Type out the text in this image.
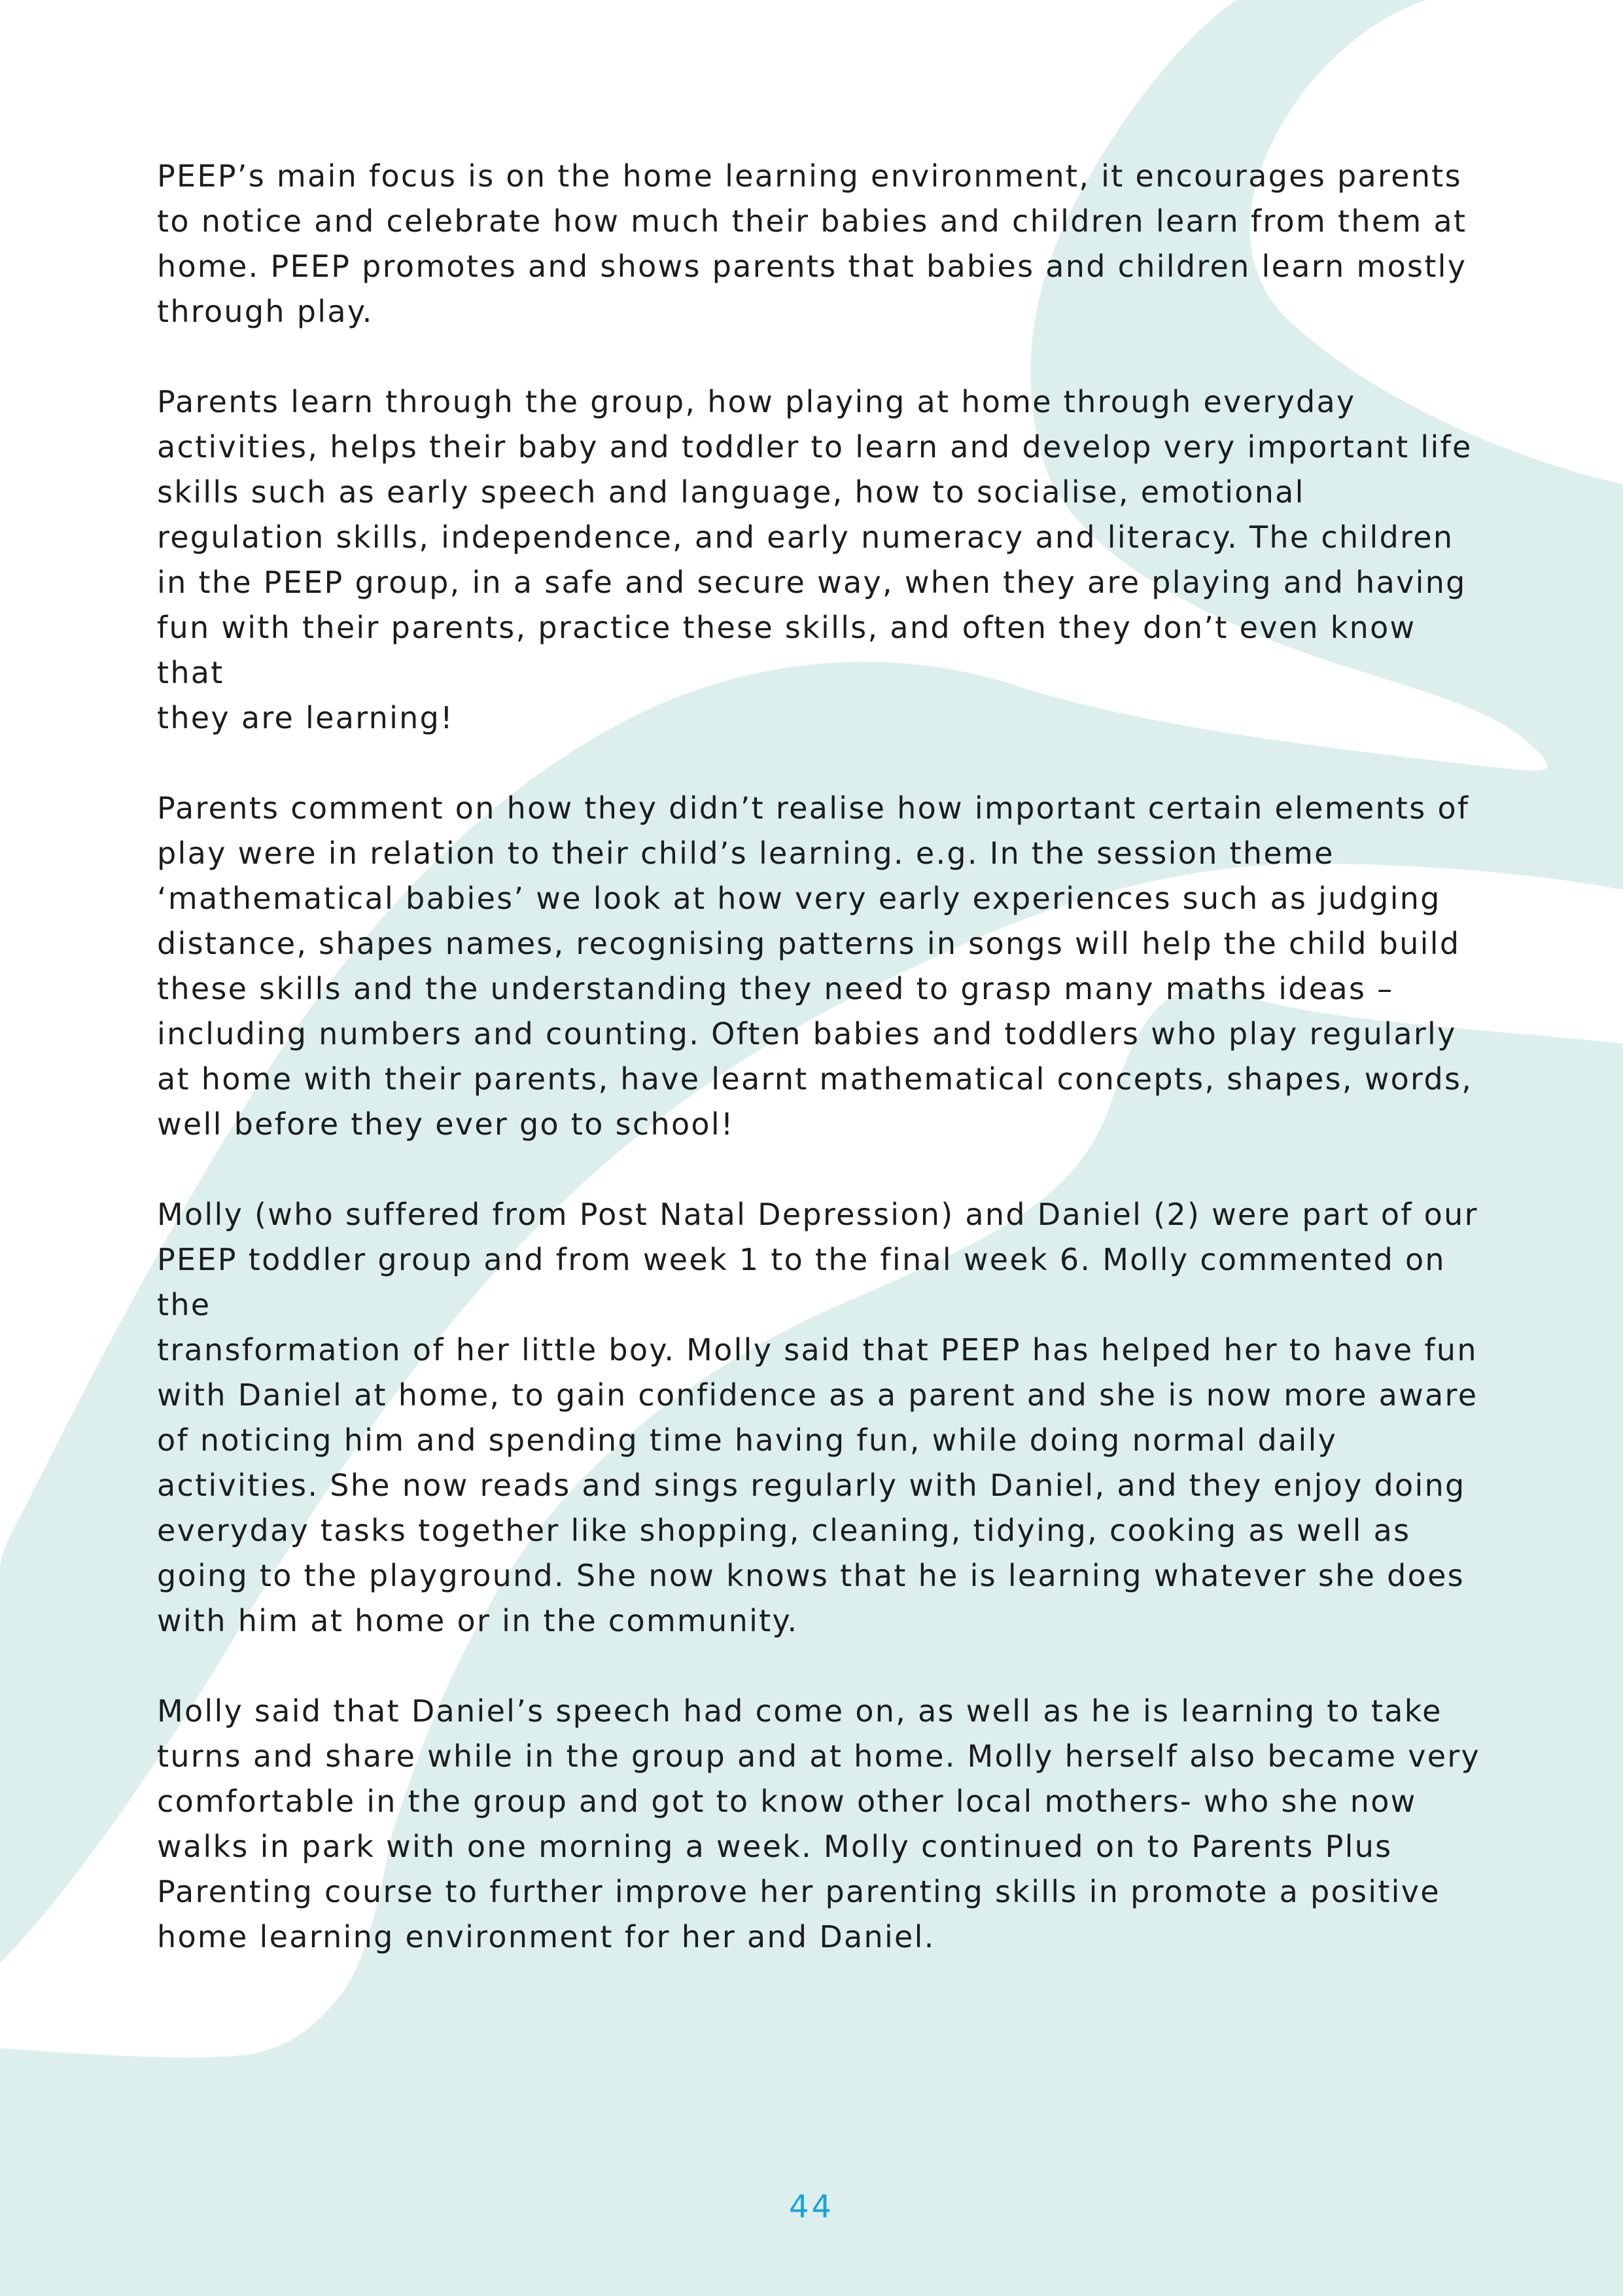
PEEP’s main focus is on the home learning environment, it encourages parents
to notice and celebrate how much their babies and children learn from them at
home. PEEP promotes and shows parents that babies and children learn mostly
through play.

Parents learn through the group, how playing at home through everyday
activities, helps their baby and toddler to learn and develop very important life
skills such as early speech and language, how to socialise, emotional
regulation skills, independence, and early numeracy and literacy. The children
in the PEEP group, in a safe and secure way, when they are playing and having
fun with their parents, practice these skills, and often they don’t even know that
they are learning!

Parents comment on how they didn’t realise how important certain elements of
play were in relation to their child’s learning. e.g. In the session theme
‘mathematical babies’ we look at how very early experiences such as judging
distance, shapes names, recognising patterns in songs will help the child build
these skills and the understanding they need to grasp many maths ideas –
including numbers and counting. Often babies and toddlers who play regularly
at home with their parents, have learnt mathematical concepts, shapes, words,
well before they ever go to school!

Molly (who suffered from Post Natal Depression) and Daniel (2) were part of our
PEEP toddler group and from week 1 to the final week 6. Molly commented on the
transformation of her little boy. Molly said that PEEP has helped her to have fun
with Daniel at home, to gain confidence as a parent and she is now more aware
of noticing him and spending time having fun, while doing normal daily
activities. She now reads and sings regularly with Daniel, and they enjoy doing
everyday tasks together like shopping, cleaning, tidying, cooking as well as
going to the playground. She now knows that he is learning whatever she does
with him at home or in the community.

Molly said that Daniel’s speech had come on, as well as he is learning to take
turns and share while in the group and at home. Molly herself also became very
comfortable in the group and got to know other local mothers- who she now
walks in park with one morning a week. Molly continued on to Parents Plus
Parenting course to further improve her parenting skills in promote a positive
home learning environment for her and Daniel.

44
